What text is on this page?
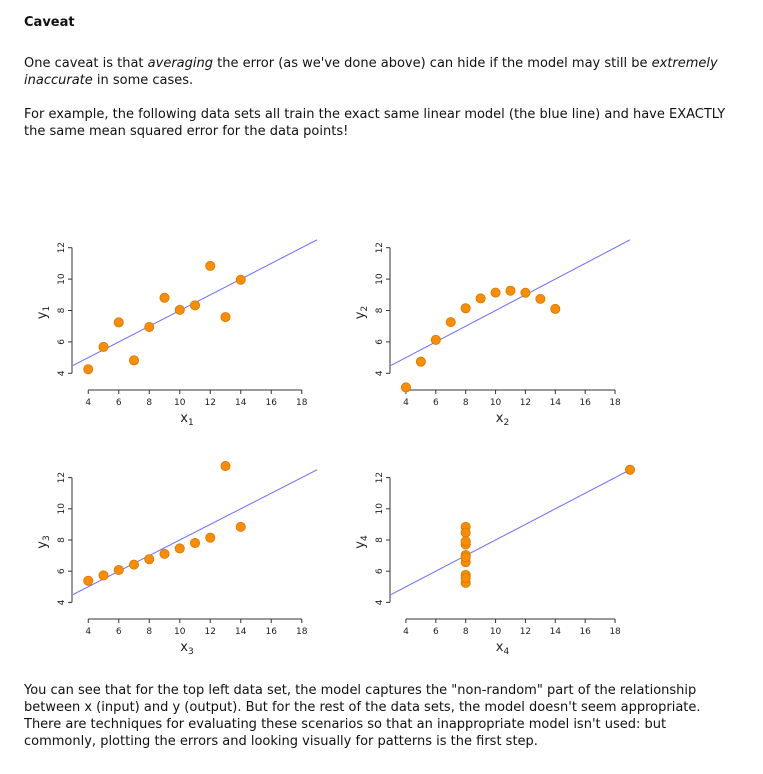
Caveat

One caveat is that averaging the error (as we've done above) can hide if the model may still be extremely inaccurate in some cases.

For example, the following data sets all train the exact same linear model (the blue line) and have EXACTLY the same mean squared error for the data points!

4	6	8 10 12 14 16 18
4
6
8
10
12
$x_1$
$y_1$
4	6	8 10 12 14 16 18
4
6
8
10
12
$x_2$
$y_2$
4	6	8 10 12 14 16 18
4
6
8
10
12
$x_3$
$y_3$
4	6	8 10 12 14 16 18
4
6
8
10
12
$x_4$
$y_4$

You can see that for the top left data set, the model captures the "non-random" part of the relationship between x (input) and y (output). But for the rest of the data sets, the model doesn't seem appropriate. There are techniques for evaluating these scenarios so that an inappropriate model isn't used: but commonly, plotting the errors and looking visually for patterns is the first step.
